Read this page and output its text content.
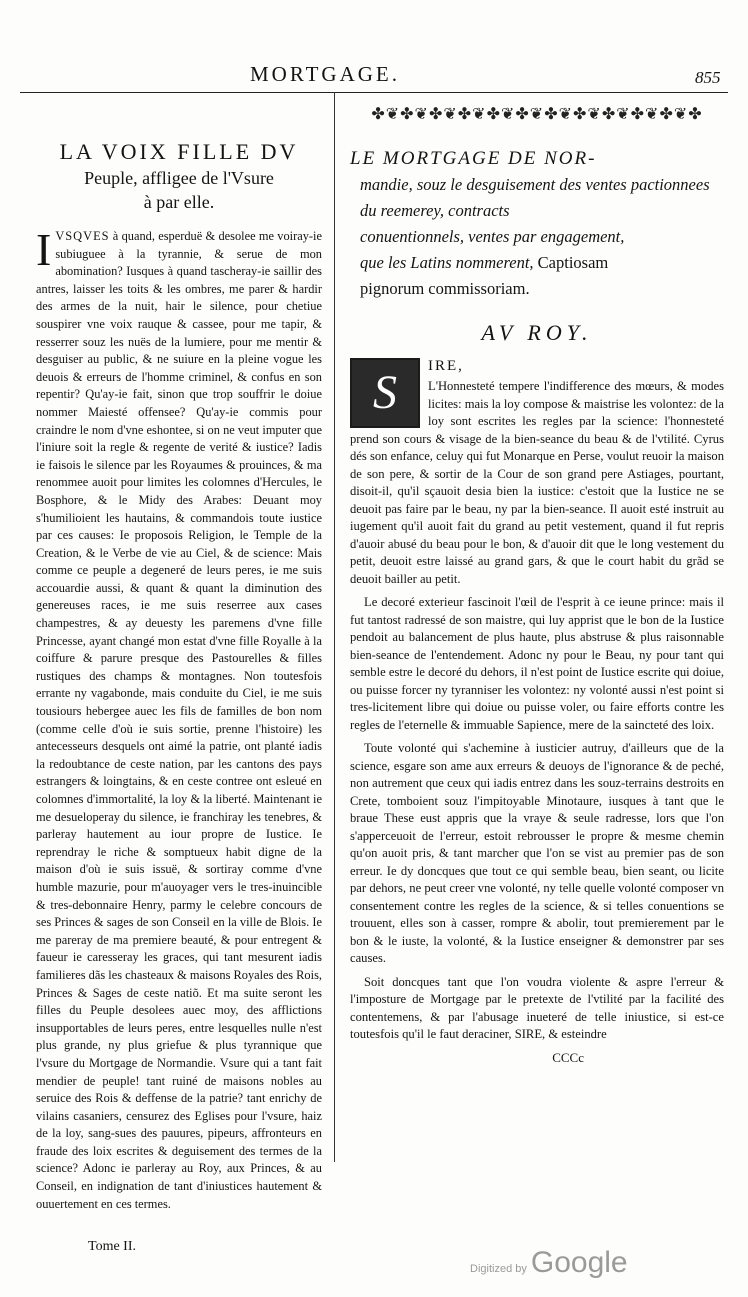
MORTGAGE.	855
LA VOIX FILLE DV
Peuple, affligee de l'Vsure
à par elle.
IVSQVES à quand, esperduë & desolee me voiray-ie subiuguee à la tyrannie, & serue de mon abomination? Iusques à quand tascheray-ie saillir des antres, laisser les toits & les ombres, me parer & hardir des armes de la nuit, hair le silence, pour chetiue souspirer vne voix rauque & cassee, pour me tapir, & resserrer souz les nuës de la lumiere, pour me mentir & desguiser au public, & ne suiure en la pleine vogue les deuois & erreurs de l'homme criminel, & confus en son repentir? Qu'ay-ie fait, sinon que trop souffrir le doiue nommer Maiesté offensee? Qu'ay-ie commis pour craindre le nom d'vne eshontee, si on ne veut imputer que l'iniure soit la regle & regente de verité & iustice? Iadis ie faisois le silence par les Royaumes & prouinces, & ma renommee auoit pour limites les colomnes d'Hercules, le Bosphore, & le Midy des Arabes: Deuant moy s'humilioient les hautains, & commandois toute iustice par ces causes: Ie proposois Religion, le Temple de la Creation, & le Verbe de vie au Ciel, & de science: Mais comme ce peuple a degeneré de leurs peres, ie me suis accouardie aussi, & quant & quant la diminution des genereuses races, ie me suis reserree aux cases champestres, & ay deuesty les paremens d'vne fille Princesse, ayant changé mon estat d'vne fille Royalle à la coiffure & parure presque des Pastourelles & filles rustiques des champs & montagnes. Non toutesfois errante ny vagabonde, mais conduite du Ciel, ie me suis tousiours hebergee auec les fils de familles de bon nom (comme celle d'où ie suis sortie, prenne l'histoire) les antecesseurs desquels ont aimé la patrie, ont planté iadis la redoubtance de ceste nation, par les cantons des pays estrangers & loingtains, & en ceste contree ont esleué en colomnes d'immortalité, la loy & la liberté. Maintenant ie me desueloperay du silence, ie franchiray les tenebres, & parleray hautement au iour propre de Iustice. Ie reprendray le riche & somptueux habit digne de la maison d'où ie suis issuë, & sortiray comme d'vne humble mazurie, pour m'auoyager vers le tres-inuincible & tres-debonnaire Henry, parmy le celebre concours de ses Princes & sages de son Conseil en la ville de Blois. Ie me pareray de ma premiere beauté, & pour entregent & faueur ie caresseray les graces, qui tant mesurent iadis familieres dãs les chasteaux & maisons Royales des Rois, Princes & Sages de ceste natiõ. Et ma suite seront les filles du Peuple desolees auec moy, des afflictions insupportables de leurs peres, entre lesquelles nulle n'est plus grande, ny plus griefue & plus tyrannique que l'vsure du Mortgage de Normandie. Vsure qui a tant fait mendier de peuple! tant ruiné de maisons nobles au seruice des Rois & deffense de la patrie? tant enrichy de vilains casaniers, censurez des Eglises pour l'vsure, haiz de la loy, sang-sues des pauures, pipeurs, affronteurs en fraude des loix escrites & deguisement des termes de la science? Adonc ie parleray au Roy, aux Princes, & au Conseil, en indignation de tant d'iniustices hautement & ouuertement en ces termes.
Tome II.
✤❦✤❦✤❦✤❦✤❦✤❦✤❦✤❦✤❦✤❦✤❦✤
LE MORTGAGE DE NOR-
mandie, souz le desguisement des ventes pactionnees du reemerey, contracts
conuentionnels, ventes par engagement,
que les Latins nommerent, Captiosam
pignorum commissoriam.
AV ROY.
S	IRE,

L'Honnesteté tempere l'indifference des mœurs, & modes licites: mais la loy compose & maistrise les volontez: de la loy sont escrites les regles par la science: l'honnesteté prend son cours & visage de la bien-seance du beau & de l'vtilité. Cyrus dés son enfance, celuy qui fut Monarque en Perse, voulut reuoir la maison de son pere, & sortir de la Cour de son grand pere Astiages, pourtant, disoit-il, qu'il sçauoit desia bien la iustice: c'estoit que la Iustice ne se deuoit pas faire par le beau, ny par la bien-seance. Il auoit esté instruit au iugement qu'il auoit fait du grand au petit vestement, quand il fut repris d'auoir abusé du beau pour le bon, & d'auoir dit que le long vestement du petit, deuoit estre laissé au grand gars, & que le court habit du grãd se deuoit bailler au petit.

Le decoré exterieur fascinoit l'œil de l'esprit à ce ieune prince: mais il fut tantost radressé de son maistre, qui luy apprist que le bon de la Iustice pendoit au balancement de plus haute, plus abstruse & plus raisonnable bien-seance de l'entendement. Adonc ny pour le Beau, ny pour tant qui semble estre le decoré du dehors, il n'est point de Iustice escrite qui doiue, ou puisse forcer ny tyranniser les volontez: ny volonté aussi n'est point si tres-licitement libre qui doiue ou puisse voler, ou faire efforts contre les regles de l'eternelle & immuable Sapience, mere de la saincteté des loix.

Toute volonté qui s'achemine à iusticier autruy, d'ailleurs que de la science, esgare son ame aux erreurs & deuoys de l'ignorance & de peché, non autrement que ceux qui iadis entrez dans les souz-terrains destroits en Crete, tomboient souz l'impitoyable Minotaure, iusques à tant que le braue These eust appris que la vraye & seule radresse, lors que l'on s'apperceuoit de l'erreur, estoit rebrousser le propre & mesme chemin qu'on auoit pris, & tant marcher que l'on se vist au premier pas de son erreur. Ie dy doncques que tout ce qui semble beau, bien seant, ou licite par dehors, ne peut creer vne volonté, ny telle quelle volonté composer vn consentement contre les regles de la science, & si telles conuentions se trouuent, elles son à casser, rompre & abolir, tout premierement par le bon & le iuste, la volonté, & la Iustice enseigner & demonstrer par ses causes.

Soit doncques tant que l'on voudra violente & aspre l'erreur & l'imposture de Mortgage par le pretexte de l'vtilité par la facilité des contentemens, & par l'abusage inueteré de telle iniustice, si est-ce toutesfois qu'il le faut deraciner, SIRE, & esteindre

CCCc
Digitized by Google
